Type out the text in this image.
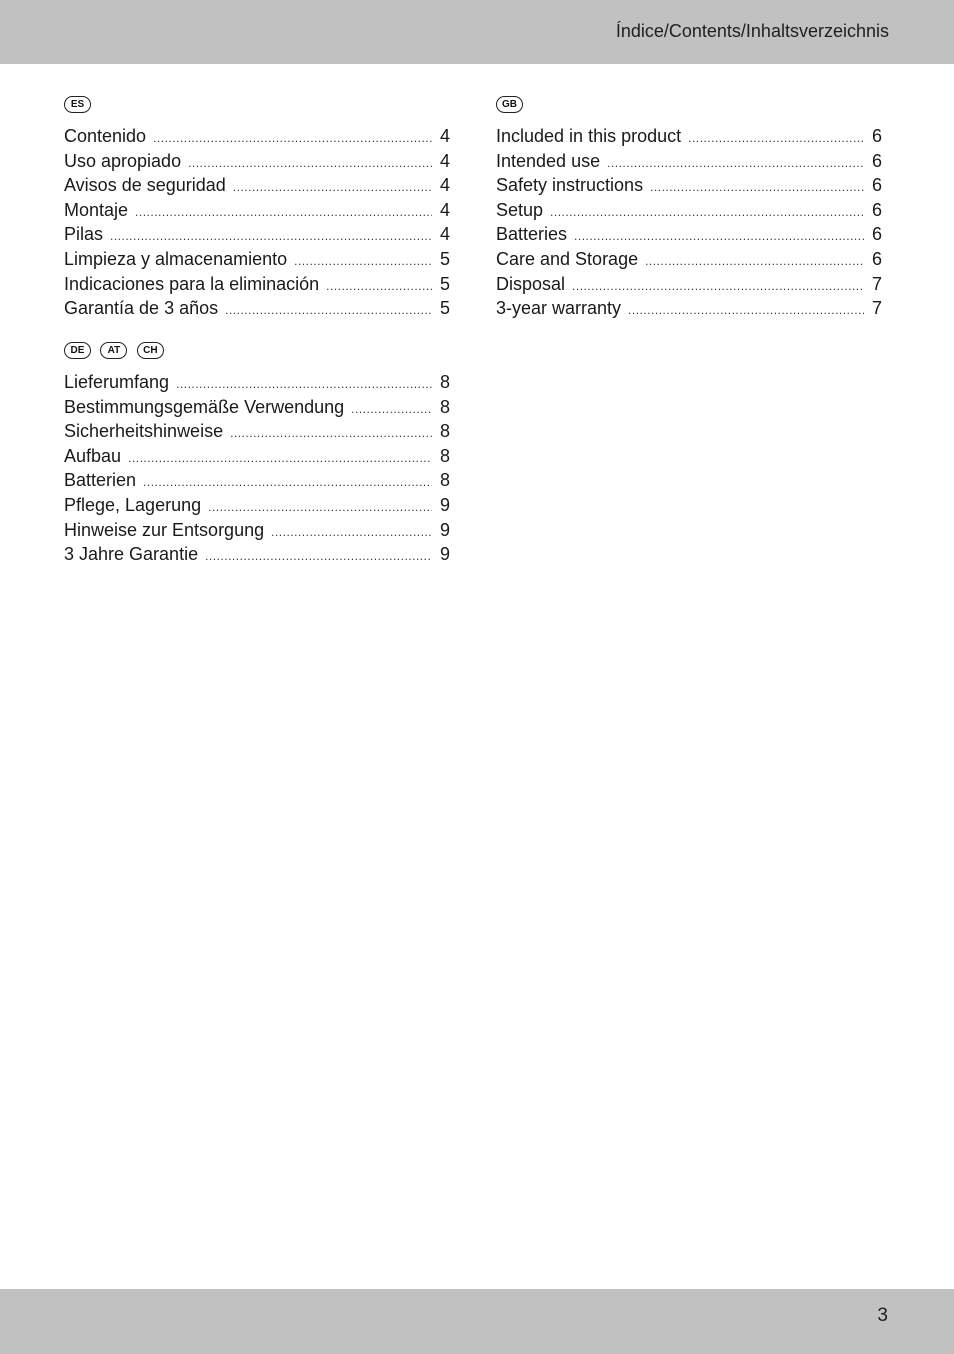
Índice/Contents/Inhaltsverzeichnis
ES
Contenido .....	4
Uso apropiado .....	4
Avisos de seguridad .....	4
Montaje .....	4
Pilas .....	4
Limpieza y almacenamiento .....	5
Indicaciones para la eliminación .....	5
Garantía de 3 años .....	5
GB
Included in this product .....	6
Intended use .....	6
Safety instructions .....	6
Setup .....	6
Batteries .....	6
Care and Storage .....	6
Disposal .....	7
3-year warranty .....	7
DE AT CH
Lieferumfang .....	8
Bestimmungsgemäße Verwendung .....	8
Sicherheitshinweise .....	8
Aufbau .....	8
Batterien .....	8
Pflege, Lagerung .....	9
Hinweise zur Entsorgung .....	9
3 Jahre Garantie .....	9
3
